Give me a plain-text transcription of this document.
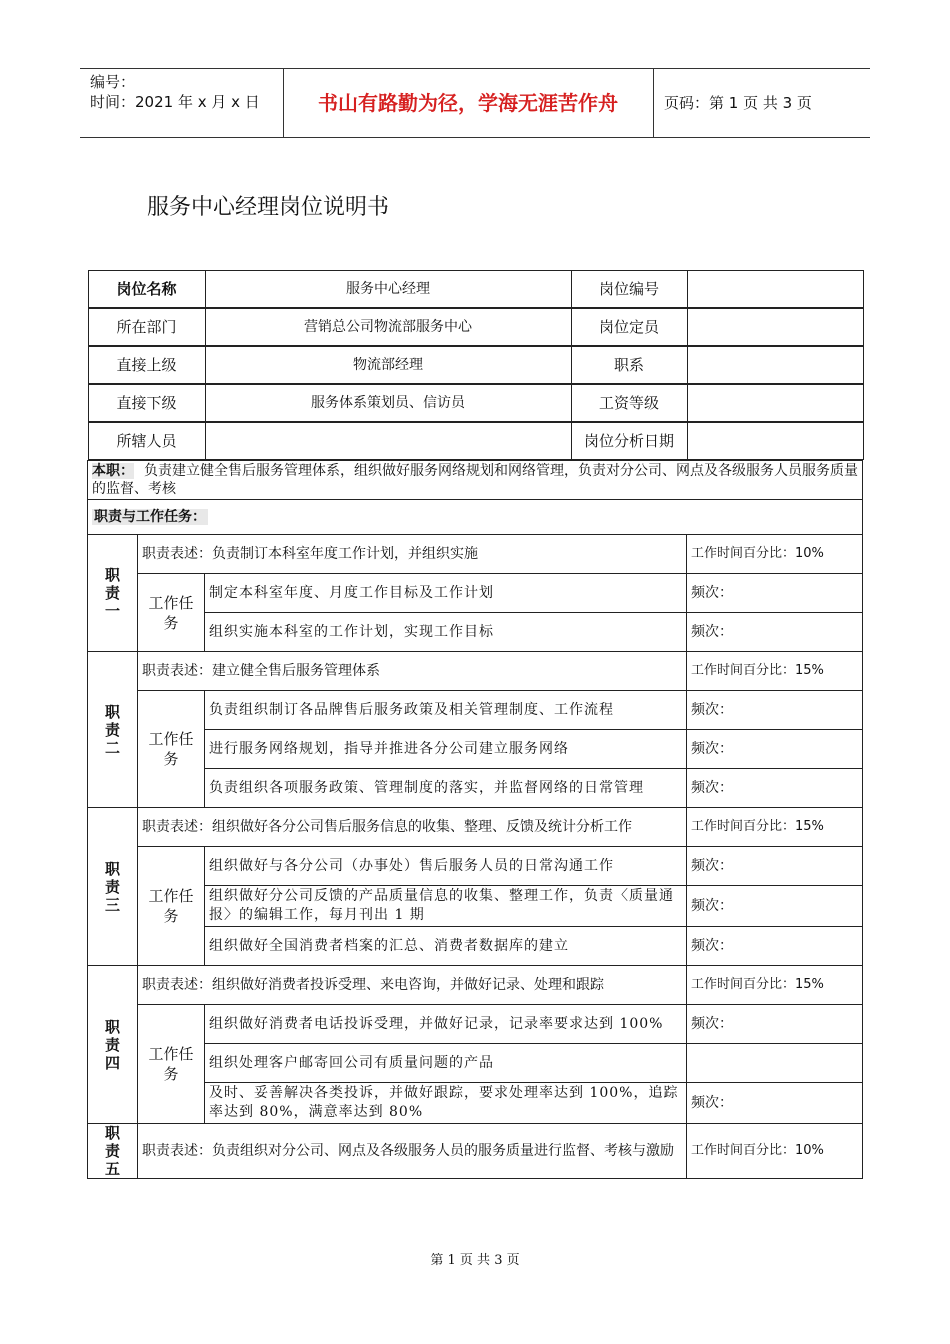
编号：
时间：2021 年 x 月 x 日	书山有路勤为径，学海无涯苦作舟	页码：第 1 页 共 3 页
服务中心经理岗位说明书
岗位名称	服务中心经理	岗位编号	

所在部门	营销总公司物流部服务中心	岗位定员	

直接上级	物流部经理	职系	

直接下级	服务体系策划员、信访员	工资等级	

所辖人员		岗位分析日期	

本职： 负责建立健全售后服务管理体系，组织做好服务网络规划和网络管理，负责对分公司、网点及各级服务人员服务质量的监督、考核
职责与工作任务：

职
责
一
	职责表述：负责制订本科室年度工作计划，并组织实施	工作时间百分比：10%
工作任务	制定本科室年度、月度工作目标及工作计划	频次：
组织实施本科室的工作计划，实现工作目标	频次：

职
责
二
	职责表述：建立健全售后服务管理体系	工作时间百分比：15%
工作任务	负责组织制订各品牌售后服务政策及相关管理制度、工作流程	频次：
进行服务网络规划，指导并推进各分公司建立服务网络	频次：
负责组织各项服务政策、管理制度的落实，并监督网络的日常管理	频次：

职
责
三
	职责表述：组织做好各分公司售后服务信息的收集、整理、反馈及统计分析工作	工作时间百分比：15%
工作任务	组织做好与各分公司（办事处）售后服务人员的日常沟通工作	频次：
组织做好分公司反馈的产品质量信息的收集、整理工作，负责〈质量通报〉的编辑工作，每月刊出 1 期	频次：
组织做好全国消费者档案的汇总、消费者数据库的建立	频次：

职
责
四
	职责表述：组织做好消费者投诉受理、来电咨询，并做好记录、处理和跟踪	工作时间百分比：15%
工作任务	组织做好消费者电话投诉受理，并做好记录，记录率要求达到 100%	频次：
组织处理客户邮寄回公司有质量问题的产品	
及时、妥善解决各类投诉，并做好跟踪，要求处理率达到 100%，追踪率达到 80%，满意率达到 80%	频次：

职
责
五
	职责表述：负责组织对分公司、网点及各级服务人员的服务质量进行监督、考核与激励	工作时间百分比：10%
第 1 页 共 3 页
